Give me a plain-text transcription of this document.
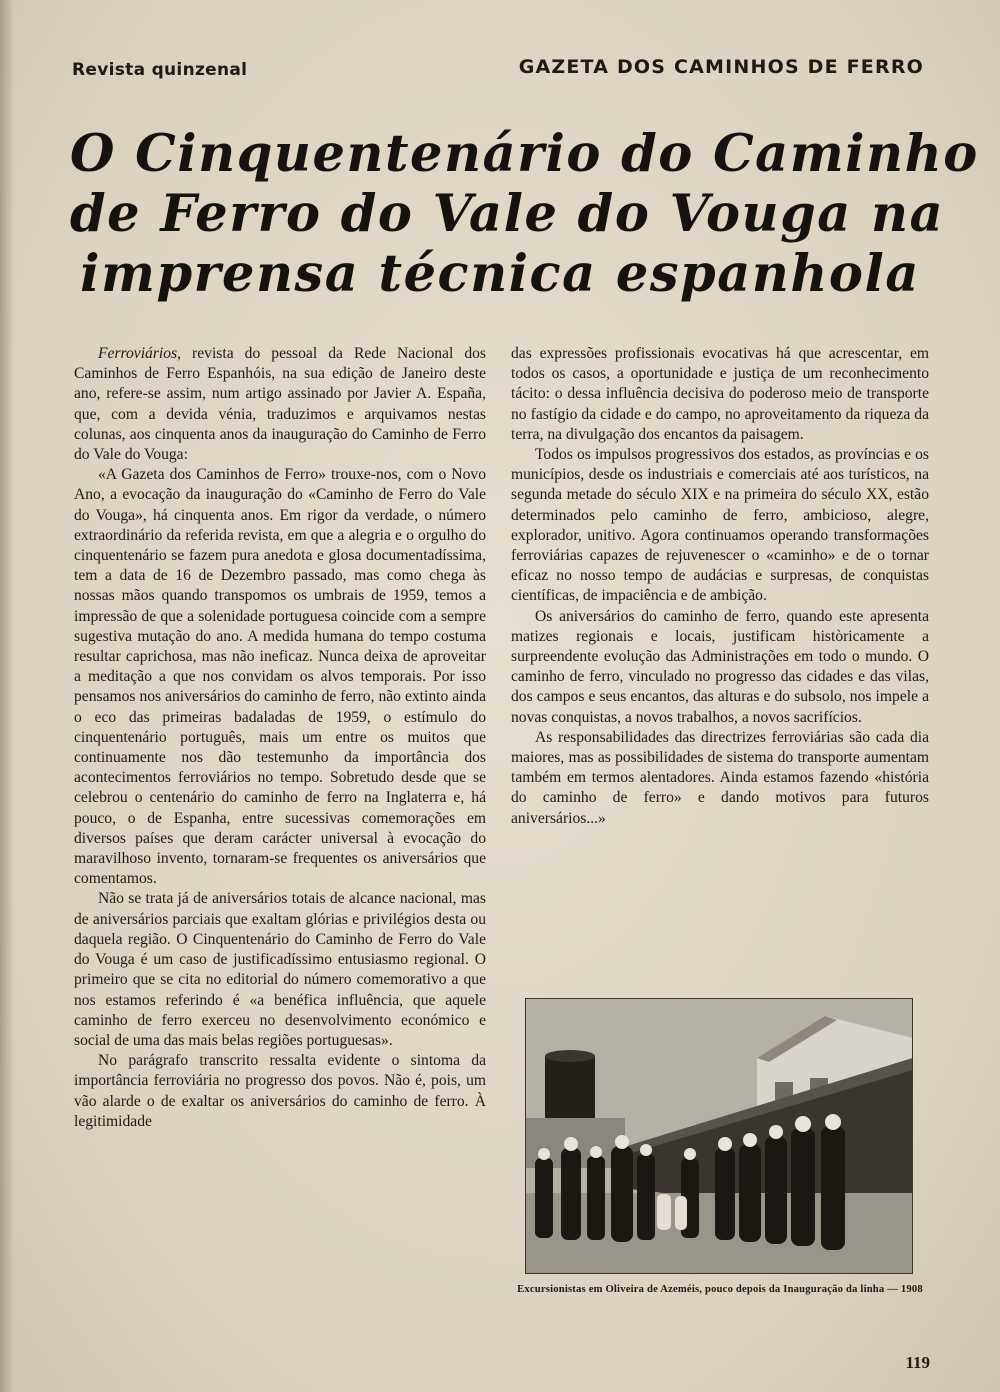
Revista quinzenal	GAZETA DOS CAMINHOS DE FERRO
O Cinquentenário do Caminho
de Ferro do Vale do Vouga na
imprensa técnica espanhola

Ferroviários, revista do pessoal da Rede Nacional dos Caminhos de Ferro Espanhóis, na sua edição de Janeiro deste ano, refere-se assim, num artigo assinado por Javier A. España, que, com a devida vénia, traduzimos e arquivamos nestas colunas, aos cinquenta anos da inauguração do Caminho de Ferro do Vale do Vouga:

«A Gazeta dos Caminhos de Ferro» trouxe-nos, com o Novo Ano, a evocação da inauguração do «Caminho de Ferro do Vale do Vouga», há cinquenta anos. Em rigor da verdade, o número extraordinário da referida revista, em que a alegria e o orgulho do cinquentenário se fazem pura anedota e glosa documentadíssima, tem a data de 16 de Dezembro passado, mas como chega às nossas mãos quando transpomos os umbrais de 1959, temos a impressão de que a solenidade portuguesa coincide com a sempre sugestiva mutação do ano. A medida humana do tempo costuma resultar caprichosa, mas não ineficaz. Nunca deixa de aproveitar a meditação a que nos convidam os alvos temporais. Por isso pensamos nos aniversários do caminho de ferro, não extinto ainda o eco das primeiras badaladas de 1959, o estímulo do cinquentenário português, mais um entre os muitos que continuamente nos dão testemunho da importância dos acontecimentos ferroviários no tempo. Sobretudo desde que se celebrou o centenário do caminho de ferro na Inglaterra e, há pouco, o de Espanha, entre sucessivas comemorações em diversos países que deram carácter universal à evocação do maravilhoso invento, tornaram-se frequentes os aniversários que comentamos.

Não se trata já de aniversários totais de alcance nacional, mas de aniversários parciais que exaltam glórias e privilégios desta ou daquela região. O Cinquentenário do Caminho de Ferro do Vale do Vouga é um caso de justificadíssimo entusiasmo regional. O primeiro que se cita no editorial do número comemorativo a que nos estamos referindo é «a benéfica influência, que aquele caminho de ferro exerceu no desenvolvimento económico e social de uma das mais belas regiões portuguesas».

No parágrafo transcrito ressalta evidente o sintoma da importância ferroviária no progresso dos povos. Não é, pois, um vão alarde o de exaltar os aniversários do caminho de ferro. À legitimidade

das expressões profissionais evocativas há que acrescentar, em todos os casos, a oportunidade e justiça de um reconhecimento tácito: o dessa influência decisiva do poderoso meio de transporte no fastígio da cidade e do campo, no aproveitamento da riqueza da terra, na divulgação dos encantos da paisagem.

Todos os impulsos progressivos dos estados, as províncias e os municípios, desde os industriais e comerciais até aos turísticos, na segunda metade do século XIX e na primeira do século XX, estão determinados pelo caminho de ferro, ambicioso, alegre, explorador, unitivo. Agora continuamos operando transformações ferroviárias capazes de rejuvenescer o «caminho» e de o tornar eficaz no nosso tempo de audácias e surpresas, de conquistas científicas, de impaciência e de ambição.

Os aniversários do caminho de ferro, quando este apresenta matizes regionais e locais, justificam històricamente a surpreendente evolução das Administrações em todo o mundo. O caminho de ferro, vinculado no progresso das cidades e das vilas, dos campos e seus encantos, das alturas e do subsolo, nos impele a novas conquistas, a novos trabalhos, a novos sacrifícios.

As responsabilidades das directrizes ferroviárias são cada dia maiores, mas as possibilidades de sistema do transporte aumentam também em termos alentadores. Ainda estamos fazendo «história do caminho de ferro» e dando motivos para futuros aniversários...»

Excursionistas em Oliveira de Azeméis, pouco depois da Inauguração da linha — 1908
119
